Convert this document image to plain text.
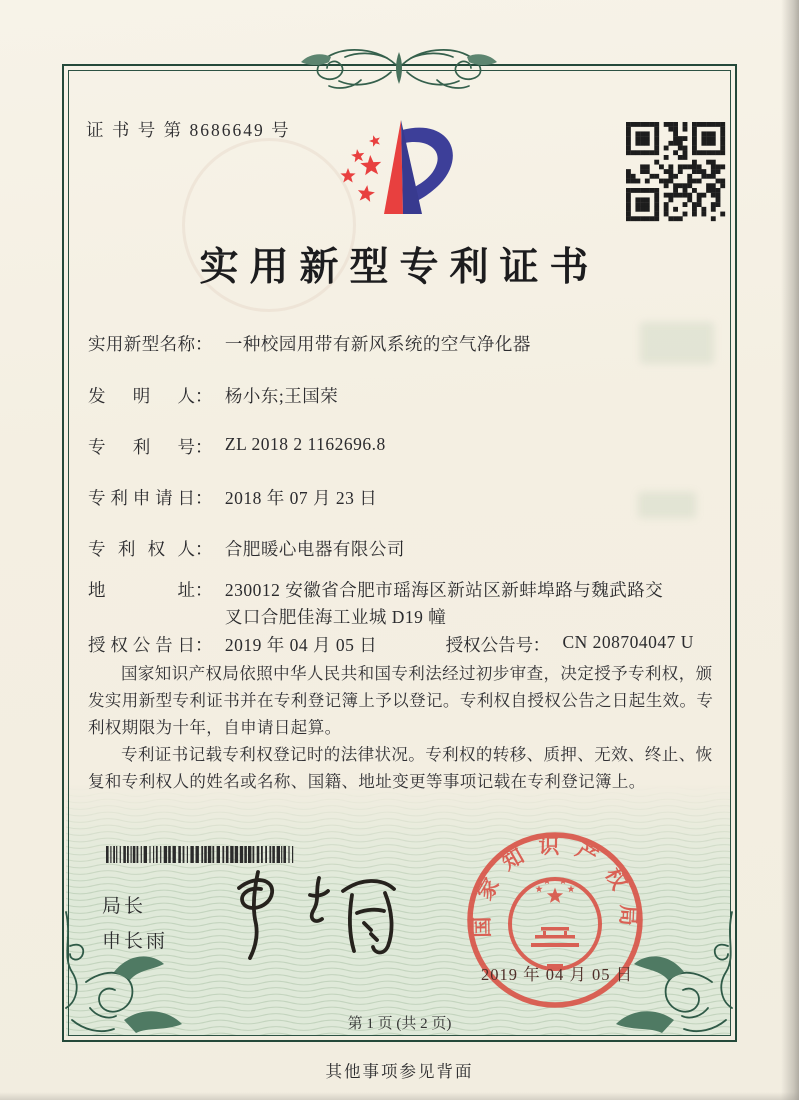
证 书 号 第 8686649 号
实用新型专利证书
实用新型名称： 一种校园用带有新风系统的空气净化器
发明人： 杨小东;王国荣
专利号： ZL 2018 2 1162696.8
专利申请日： 2018 年 07 月 23 日
专利权人： 合肥暖心电器有限公司
地址： 230012 安徽省合肥市瑶海区新站区新蚌埠路与魏武路交叉口合肥佳海工业城 D19 幢
授权公告日： 2019 年 04 月 05 日	授权公告号： CN 208704047 U

国家知识产权局依照中华人民共和国专利法经过初步审查，决定授予专利权，颁发实用新型专利证书并在专利登记簿上予以登记。专利权自授权公告之日起生效。专利权期限为十年，自申请日起算。

专利证书记载专利权登记时的法律状况。专利权的转移、质押、无效、终止、恢复和专利权人的姓名或名称、国籍、地址变更等事项记载在专利登记簿上。

局长
申长雨
国家知识产权局
2019 年 04 月 05 日
第 1 页 (共 2 页)
其他事项参见背面
